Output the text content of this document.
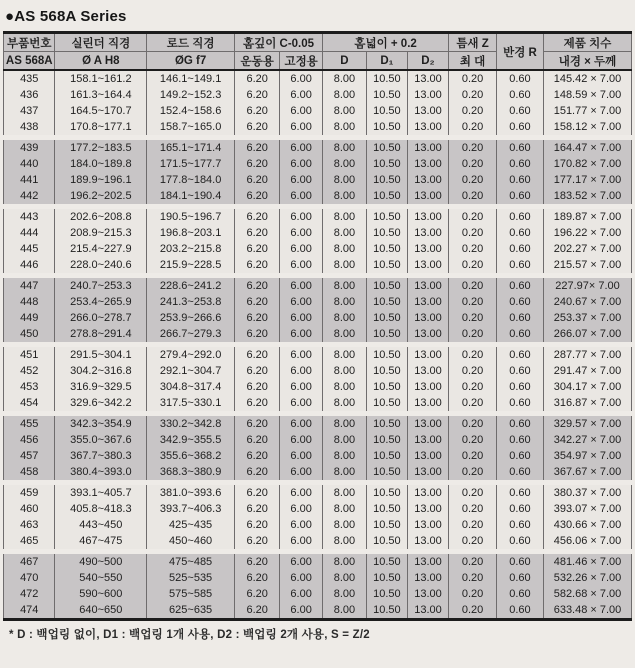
●AS 568A Series
부품번호	실린더 직경	로드 직경	홈깊이 C-0.05		홈넓이 + 0.2			틈새 Z	반경 R	제품 치수
AS 568A	Ø A H8	ØG f7	운동용	고정용	D	D₁	D₂	최 대		내경 × 두께
435	158.1~161.2	146.1~149.1	6.20	6.00	8.00	10.50	13.00	0.20	0.60	145.42 × 7.00
436	161.3~164.4	149.2~152.3	6.20	6.00	8.00	10.50	13.00	0.20	0.60	148.59 × 7.00
437	164.5~170.7	152.4~158.6	6.20	6.00	8.00	10.50	13.00	0.20	0.60	151.77 × 7.00
438	170.8~177.1	158.7~165.0	6.20	6.00	8.00	10.50	13.00	0.20	0.60	158.12 × 7.00

439	177.2~183.5	165.1~171.4	6.20	6.00	8.00	10.50	13.00	0.20	0.60	164.47 × 7.00
440	184.0~189.8	171.5~177.7	6.20	6.00	8.00	10.50	13.00	0.20	0.60	170.82 × 7.00
441	189.9~196.1	177.8~184.0	6.20	6.00	8.00	10.50	13.00	0.20	0.60	177.17 × 7.00
442	196.2~202.5	184.1~190.4	6.20	6.00	8.00	10.50	13.00	0.20	0.60	183.52 × 7.00

443	202.6~208.8	190.5~196.7	6.20	6.00	8.00	10.50	13.00	0.20	0.60	189.87 × 7.00
444	208.9~215.3	196.8~203.1	6.20	6.00	8.00	10.50	13.00	0.20	0.60	196.22 × 7.00
445	215.4~227.9	203.2~215.8	6.20	6.00	8.00	10.50	13.00	0.20	0.60	202.27 × 7.00
446	228.0~240.6	215.9~228.5	6.20	6.00	8.00	10.50	13.00	0.20	0.60	215.57 × 7.00

447	240.7~253.3	228.6~241.2	6.20	6.00	8.00	10.50	13.00	0.20	0.60	227.97× 7.00
448	253.4~265.9	241.3~253.8	6.20	6.00	8.00	10.50	13.00	0.20	0.60	240.67 × 7.00
449	266.0~278.7	253.9~266.6	6.20	6.00	8.00	10.50	13.00	0.20	0.60	253.37 × 7.00
450	278.8~291.4	266.7~279.3	6.20	6.00	8.00	10.50	13.00	0.20	0.60	266.07 × 7.00

451	291.5~304.1	279.4~292.0	6.20	6.00	8.00	10.50	13.00	0.20	0.60	287.77 × 7.00
452	304.2~316.8	292.1~304.7	6.20	6.00	8.00	10.50	13.00	0.20	0.60	291.47 × 7.00
453	316.9~329.5	304.8~317.4	6.20	6.00	8.00	10.50	13.00	0.20	0.60	304.17 × 7.00
454	329.6~342.2	317.5~330.1	6.20	6.00	8.00	10.50	13.00	0.20	0.60	316.87 × 7.00

455	342.3~354.9	330.2~342.8	6.20	6.00	8.00	10.50	13.00	0.20	0.60	329.57 × 7.00
456	355.0~367.6	342.9~355.5	6.20	6.00	8.00	10.50	13.00	0.20	0.60	342.27 × 7.00
457	367.7~380.3	355.6~368.2	6.20	6.00	8.00	10.50	13.00	0.20	0.60	354.97 × 7.00
458	380.4~393.0	368.3~380.9	6.20	6.00	8.00	10.50	13.00	0.20	0.60	367.67 × 7.00

459	393.1~405.7	381.0~393.6	6.20	6.00	8.00	10.50	13.00	0.20	0.60	380.37 × 7.00
460	405.8~418.3	393.7~406.3	6.20	6.00	8.00	10.50	13.00	0.20	0.60	393.07 × 7.00
463	443~450	425~435	6.20	6.00	8.00	10.50	13.00	0.20	0.60	430.66 × 7.00
465	467~475	450~460	6.20	6.00	8.00	10.50	13.00	0.20	0.60	456.06 × 7.00

467	490~500	475~485	6.20	6.00	8.00	10.50	13.00	0.20	0.60	481.46 × 7.00
470	540~550	525~535	6.20	6.00	8.00	10.50	13.00	0.20	0.60	532.26 × 7.00
472	590~600	575~585	6.20	6.00	8.00	10.50	13.00	0.20	0.60	582.68 × 7.00
474	640~650	625~635	6.20	6.00	8.00	10.50	13.00	0.20	0.60	633.48 × 7.00
* D : 백업링 없이, D1 : 백업링 1개 사용, D2 : 백업링 2개 사용, S = Z/2
